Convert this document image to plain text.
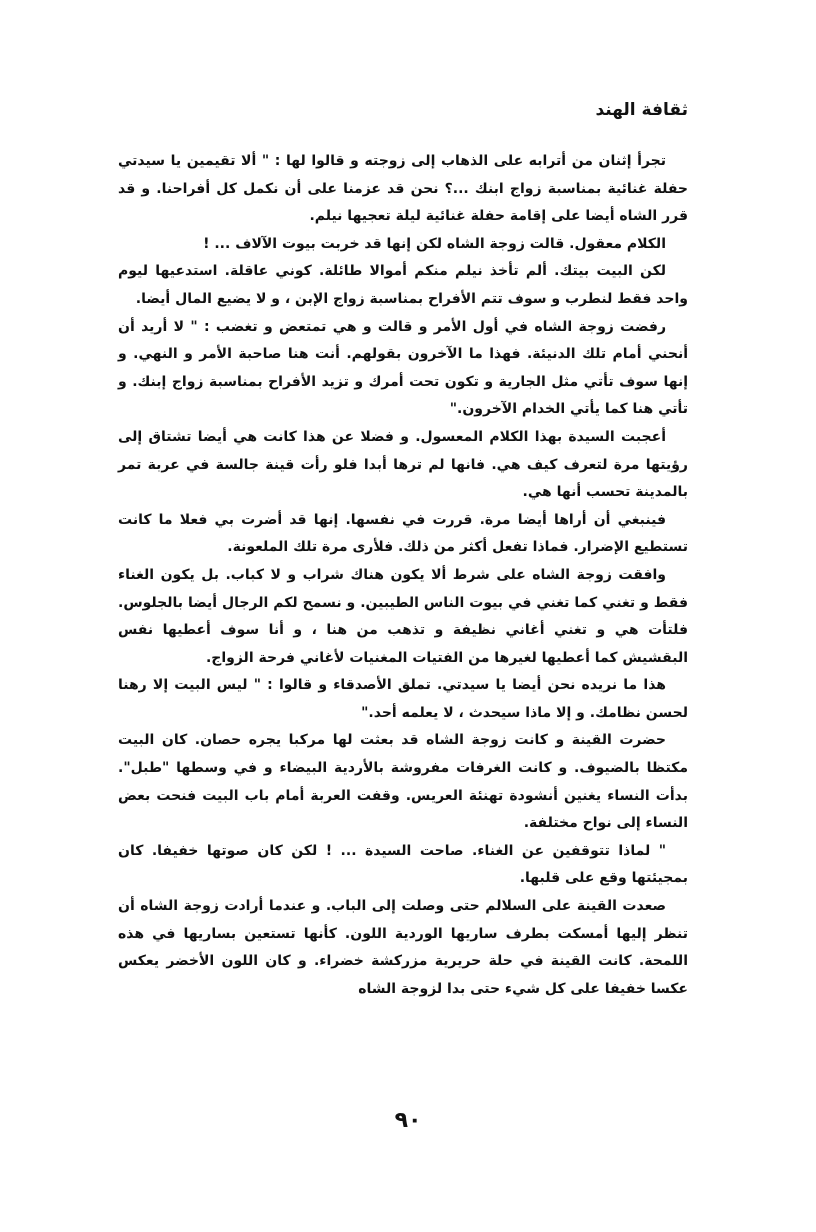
ثقافة الهند

تجرأ إثنان من أترابه على الذهاب إلى زوجته و قالوا لها : " ألا تقيمين يا سيدتي حفلة غنائية بمناسبة زواج ابنك ...؟ نحن قد عزمنا على أن نكمل كل أفراحنا. و قد قرر الشاه أيضا على إقامة حفلة غنائية ليلة تعجيها نيلم.

الكلام معقول. قالت زوجة الشاه لكن إنها قد خربت بيوت الآلاف ... !

لكن البيت بيتك. ألم تأخذ نيلم منكم أموالا طائلة. كوني عاقلة. استدعيها ليوم واحد فقط لنطرب و سوف تتم الأفراح بمناسبة زواج الإبن ، و لا يضيع المال أيضا.

رفضت زوجة الشاه في أول الأمر و قالت و هي تمتعض و تغضب : " لا أريد أن أنحني أمام تلك الدنيئة. فهذا ما الآخرون بقولهم. أنت هنا صاحبة الأمر و النهي. و إنها سوف تأتي مثل الجارية و تكون تحت أمرك و تزيد الأفراح بمناسبة زواج إبنك. و تأتي هنا كما يأتي الخدام الآخرون."

أعجبت السيدة بهذا الكلام المعسول. و فضلا عن هذا كانت هي أيضا تشتاق إلى رؤيتها مرة لتعرف كيف هي. فانها لم ترها أبدا فلو رأت قينة جالسة في عربة تمر بالمدينة تحسب أنها هي.

فينبغي أن أراها أيضا مرة. قررت في نفسها. إنها قد أضرت بي فعلا ما كانت تستطيع الإضرار. فماذا تفعل أكثر من ذلك. فلأرى مرة تلك الملعونة.

وافقت زوجة الشاه على شرط ألا يكون هناك شراب و لا كباب. بل يكون الغناء فقط و تغني كما تغني في بيوت الناس الطيبين. و نسمح لكم الرجال أيضا بالجلوس. فلتأت هي و تغني أغاني نظيفة و تذهب من هنا ، و أنا سوف أعطيها نفس البقشيش كما أعطيها لغيرها من الفتيات المغنيات لأغاني فرحة الزواج.

هذا ما نريده نحن أيضا يا سيدتي. تملق الأصدقاء و قالوا : " ليس البيت إلا رهنا لحسن نظامك. و إلا ماذا سيحدث ، لا يعلمه أحد."

حضرت القينة و كانت زوجة الشاه قد بعثت لها مركبا يجره حصان. كان البيت مكتظا بالضيوف. و كانت الغرفات مفروشة بالأردية البيضاء و في وسطها "طبل". بدأت النساء يغنين أنشودة تهنئة العريس. وقفت العربة أمام باب البيت فنحت بعض النساء إلى نواح مختلفة.

" لماذا تتوقفين عن الغناء. صاحت السيدة ... ! لكن كان صوتها خفيفا. كان بمجيئتها وقع على قلبها.

صعدت القينة على السلالم حتى وصلت إلى الباب. و عندما أرادت زوجة الشاه أن تنظر إليها أمسكت بطرف ساريها الوردية اللون. كأنها تستعين بساريها في هذه اللمحة. كانت القينة في حلة حريرية مزركشة خضراء. و كان اللون الأخضر يعكس عكسا خفيفا على كل شيء حتى بدا لزوجة الشاه

٩٠
